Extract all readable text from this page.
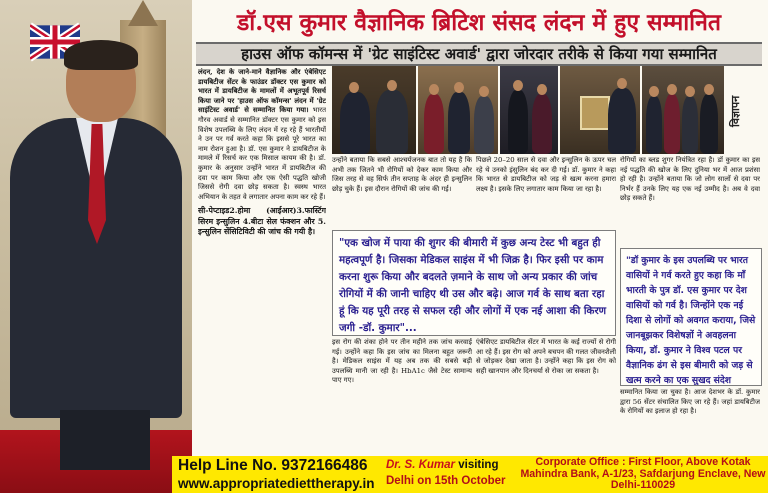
डॉ.एस कुमार वैज्ञानिक ब्रिटिश संसद लंदन में हुए सम्मानित
हाउस ऑफ कॉमन्स में 'ग्रेट साइंटिस्ट अवार्ड' द्वारा जोरदार तरीके से किया गया सम्मानित
विज्ञापन
लंदन, देश के जाने-माने वैज्ञानिक और एंबेसिएट डायबिटीज सेंटर के फाउंडर डॉक्टर एस कुमार को भारत में डायबिटीज के मामलों में अभूतपूर्व रिसर्च किया जाने पर 'हाउस ऑफ कॉमन्स' लंदन में 'ग्रेट साइंटिस्ट अवार्ड' से सम्मानित किया गया। भारत गौरव अवार्ड से सम्मानित डॉक्टर एस कुमार को इस विशेष उपलब्धि के लिए लंदन में रह रहे हैं भारतीयों ने उन पर गर्व करते कहा कि इससे पूरे भारत का नाम रोशन हुआ है। डॉ. एस कुमार ने डायबिटीज के मामले में रिसर्च कर एक मिसाल कायम की है। डॉ. कुमार के अनुसार उन्होंने भारत में डायबिटीज की दवा पर काम किया और एक ऐसी पद्धति खोजी जिससे रोगी दवा छोड़ सकता है। स्वस्थ भारत अभियान के तहत वे लगातार अपना काम कर रहे हैं।
सी-पेप्टाइड2.होमा (आईआर)3.फास्टिंग सिरम इन्सुलिन 4.बीटा सेल फंक्शन और 5. इन्सुलिन सेंसिटिविटी की जांच की गयी है।
उन्होंने बताया कि सबसे आश्चर्यजनक बात तो यह है कि अभी तक जितने भी रोगियों को देकर काम किया और जिस तरह से वह सिर्फ तीन सप्ताह के अंदर ही इन्सुलिन छोड़ चुके हैं। इस दौरान रोगियों की जांच की गई।
पिछले 20–20 साल से दवा और इन्सुलिन के ऊपर चल रहे थे उनको इंसुलिन बंद कर दी गई। डॉ. कुमार ने कहा कि भारत से डायबिटीज को जड़ से खत्म करना हमारा लक्ष्य है। इसके लिए लगातार काम किया जा रहा है।
रोगियों का ब्लड शुगर नियंत्रित रहा है। डॉ कुमार का इस नई पद्धति की खोज के लिए दुनिया भर में आज प्रशंसा हो रही है। उन्होंने बताया कि जो लोग सालों से दवा पर निर्भर हैं उनके लिए यह एक नई उम्मीद है। अब वे दवा छोड़ सकते हैं।
इस रोग की शंका होने पर तीन महीने तक जांच करवाई गई। उन्होंने कहा कि इस जांच का मिलना बहुत जरूरी है। मेडिकल साइंस में यह अब तक की सबसे बड़ी उपलब्धि मानी जा रही है। HbA1c जैसे टेस्ट सामान्य पाए गए।
एंबेसिएट डायबिटीज सेंटर में भारत के कई राज्यों से रोगी आ रहे हैं। इस रोग को अपने बचपन की गलत जीवनशैली से जोड़कर देखा जाता है। उन्होंने कहा कि इस रोग को सही खानपान और दिनचर्या से रोका जा सकता है।
सम्मानित किया जा चुका है। आज देशभर के डॉ. कुमार द्वारा 56 सेंटर संचालित किए जा रहे हैं। जहां डायबिटीज के रोगियों का इलाज हो रहा है।
"एक खोज में पाया की शुगर की बीमारी में कुछ अन्य टेस्ट भी बहुत ही महत्वपूर्ण है। जिसका मेडिकल साइंस में भी जिक्र है। फिर इसी पर काम करना शुरू किया और बदलते ज़माने के साथ जो अन्य प्रकार की जांच रोगियों में की जानी चाहिए थी उस और बढ़े। आज गर्व के साथ बता रहा हूं कि यह पूरी तरह से सफल रही और लोगों में एक नई आशा की किरण जगी -डॉ. कुमार"...
"डॉ कुमार के इस उपलब्धि पर भारत वासियों ने गर्व करते हुए कहा कि माँ भारती के पुत्र डॉ. एस कुमार पर देश वासियों को गर्व है। जिन्होंने एक नई दिशा से लोगों को अवगत कराया, जिसे जानबूझकर विशेषज्ञों ने अवहलना किया, डॉ. कुमार ने विश्व पटल पर वैज्ञानिक ढंग से इस बीमारी को जड़ से खत्म करने का एक सुखद संदेश
Help Line No. 9372166486
www.appropriatediettherapy.in
Dr. S. Kumar visiting
Delhi on 15th October
Corporate Office : First Floor, Above Kotak Mahindra Bank, A-1/23, Safdarjung Enclave, New Delhi-110029
